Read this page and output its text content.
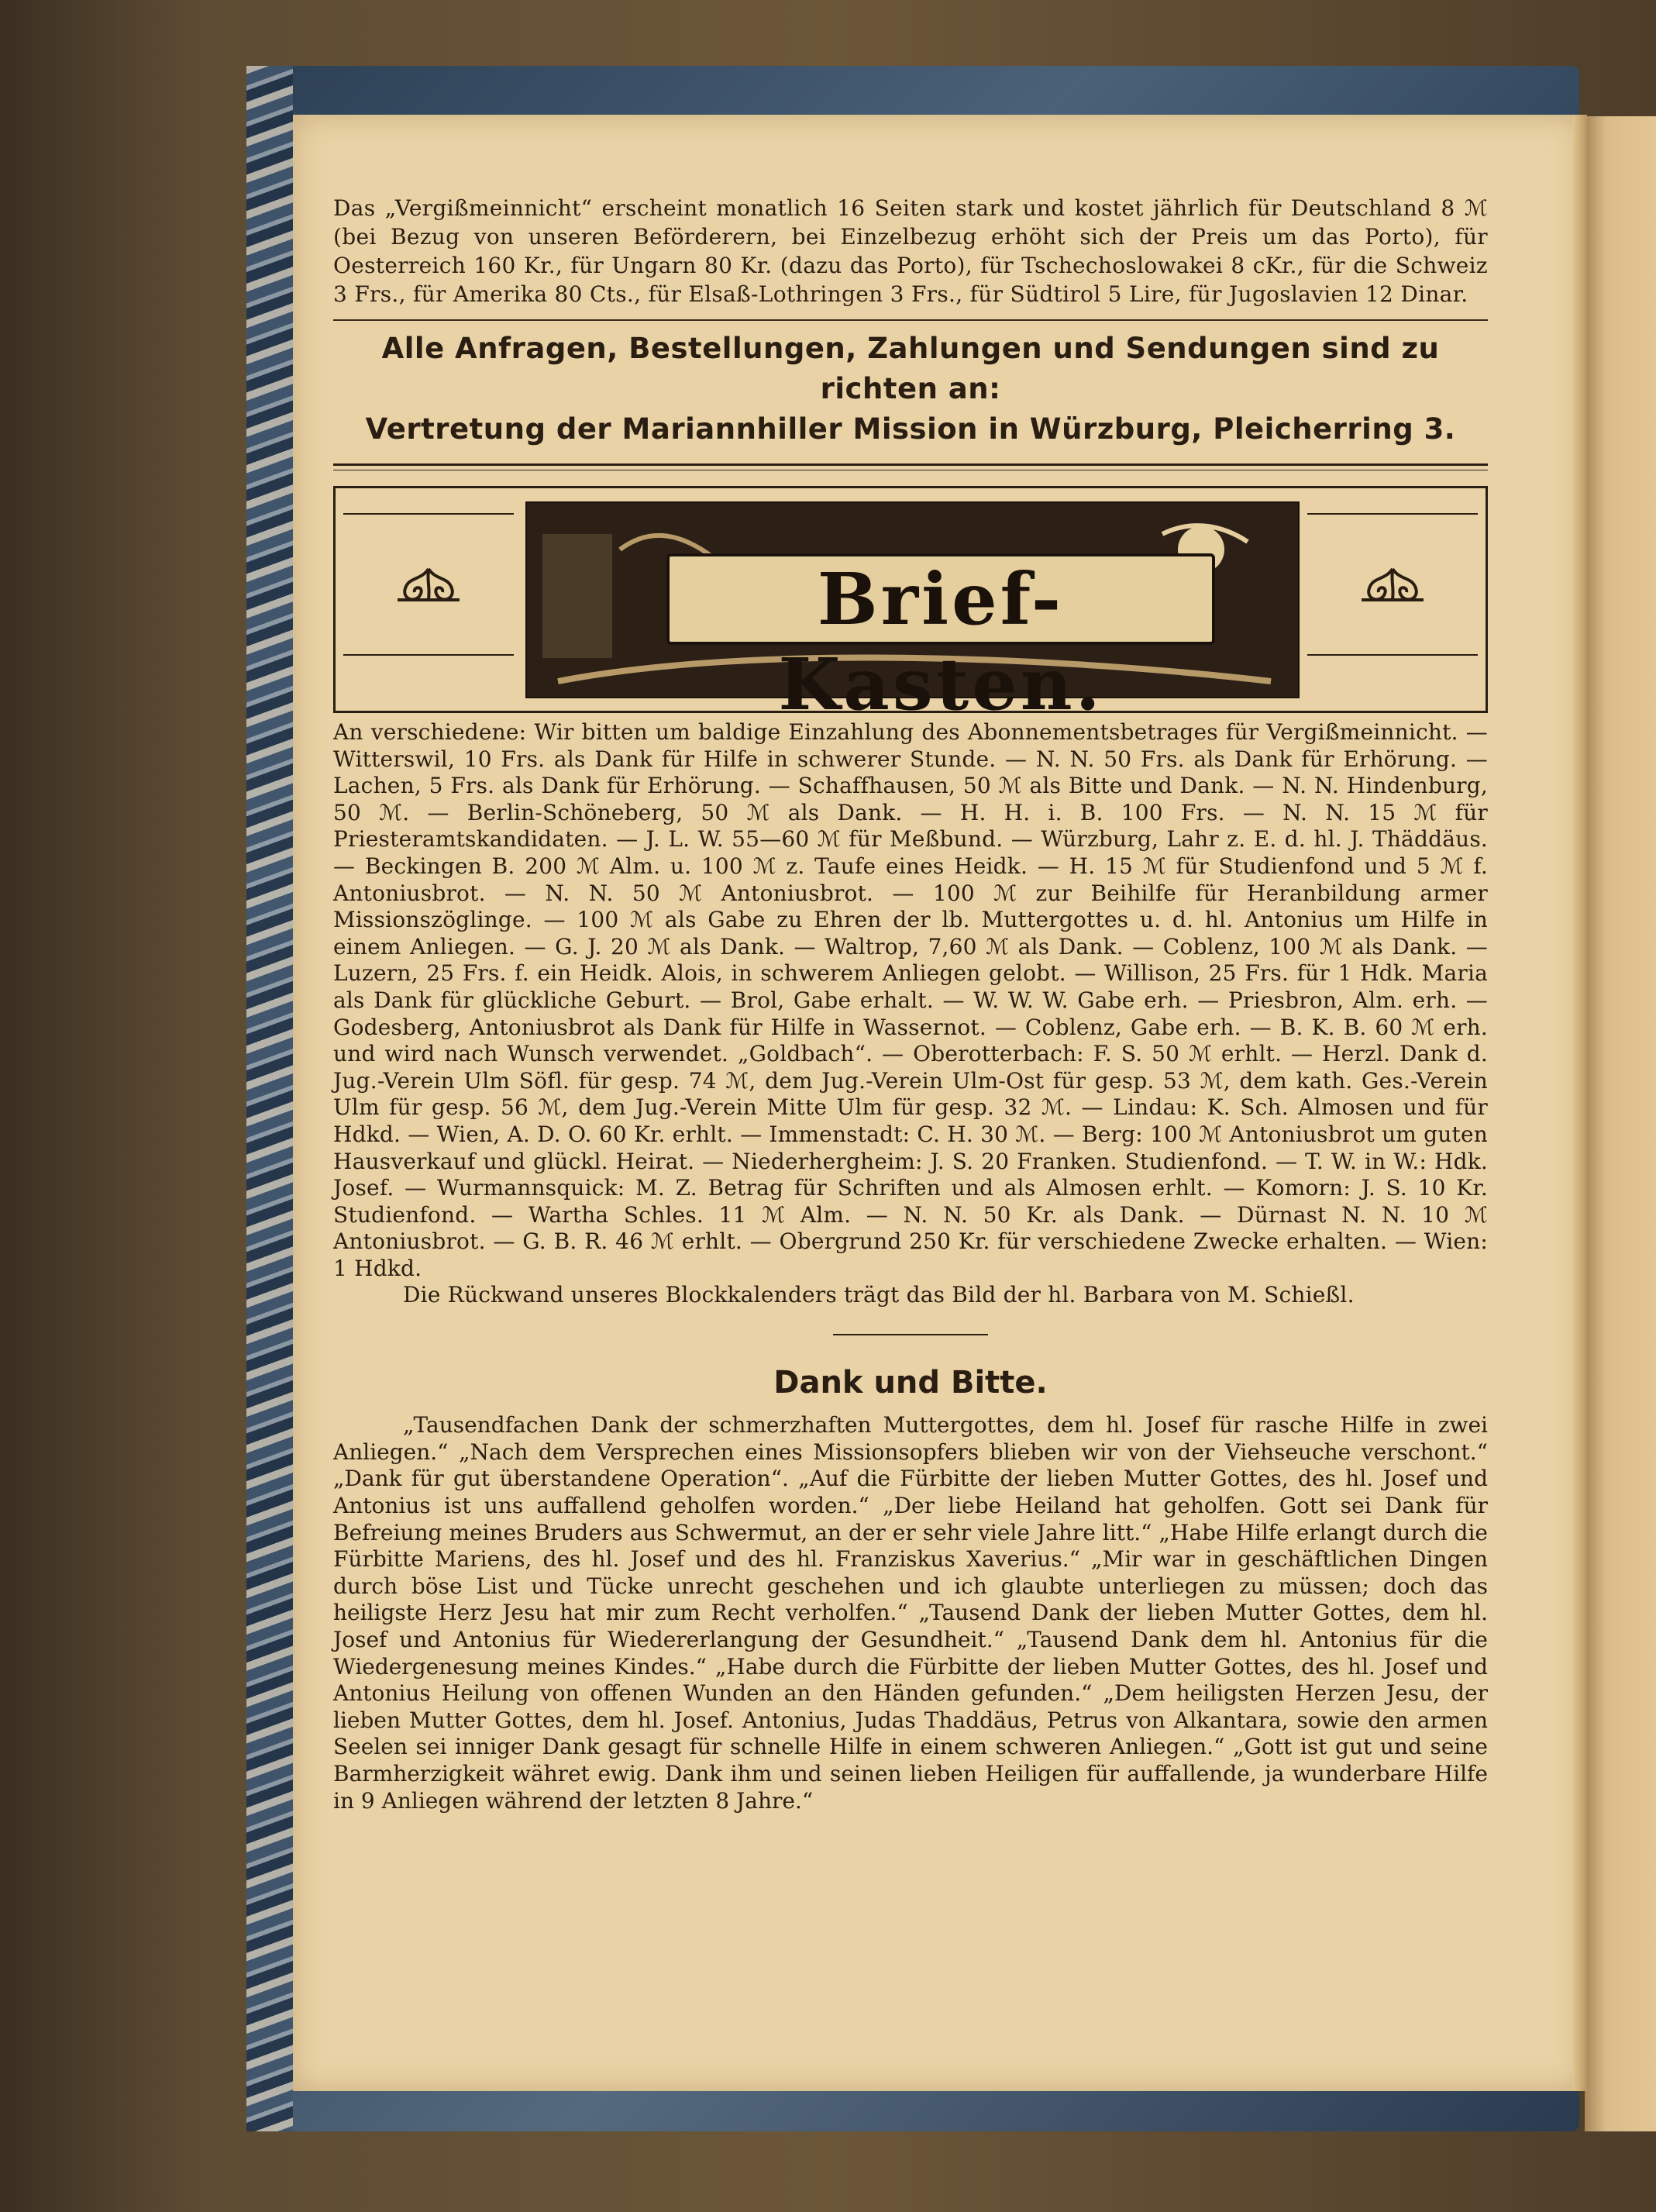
Das „Vergißmeinnicht“ erscheint monatlich 16 Seiten stark und kostet jährlich für Deutschland 8 ℳ (bei Bezug von unseren Beförderern, bei Einzelbezug erhöht sich der Preis um das Porto), für Oesterreich 160 Kr., für Ungarn 80 Kr. (dazu das Porto), für Tschechoslowakei 8 cKr., für die Schweiz 3 Frs., für Amerika 80 Cts., für Elsaß-Lothringen 3 Frs., für Südtirol 5 Lire, für Jugoslavien 12 Dinar.

Alle Anfragen, Bestellungen, Zahlungen und Sendungen sind zu richten an:

Vertretung der Mariannhiller Mission in Würzburg, Pleicherring 3.

Brief-Kasten.

An verschiedene: Wir bitten um baldige Einzahlung des Abonnementsbetrages für Vergißmeinnicht. — Witterswil, 10 Frs. als Dank für Hilfe in schwerer Stunde. — N. N. 50 Frs. als Dank für Erhörung. — Lachen, 5 Frs. als Dank für Erhörung. — Schaffhausen, 50 ℳ als Bitte und Dank. — N. N. Hindenburg, 50 ℳ. — Berlin-Schöneberg, 50 ℳ als Dank. — H. H. i. B. 100 Frs. — N. N. 15 ℳ für Priesteramtskandidaten. — J. L. W. 55—60 ℳ für Meßbund. — Würzburg, Lahr z. E. d. hl. J. Thäddäus. — Beckingen B. 200 ℳ Alm. u. 100 ℳ z. Taufe eines Heidk. — H. 15 ℳ für Studienfond und 5 ℳ f. Antoniusbrot. — N. N. 50 ℳ Antoniusbrot. — 100 ℳ zur Beihilfe für Heranbildung armer Missionszöglinge. — 100 ℳ als Gabe zu Ehren der lb. Muttergottes u. d. hl. Antonius um Hilfe in einem Anliegen. — G. J. 20 ℳ als Dank. — Waltrop, 7,60 ℳ als Dank. — Coblenz, 100 ℳ als Dank. — Luzern, 25 Frs. f. ein Heidk. Alois, in schwerem Anliegen gelobt. — Willison, 25 Frs. für 1 Hdk. Maria als Dank für glückliche Geburt. — Brol, Gabe erhalt. — W. W. W. Gabe erh. — Priesbron, Alm. erh. — Godesberg, Antoniusbrot als Dank für Hilfe in Wassernot. — Coblenz, Gabe erh. — B. K. B. 60 ℳ erh. und wird nach Wunsch verwendet. „Goldbach“. — Oberotterbach: F. S. 50 ℳ erhlt. — Herzl. Dank d. Jug.-Verein Ulm Söfl. für gesp. 74 ℳ, dem Jug.-Verein Ulm-Ost für gesp. 53 ℳ, dem kath. Ges.-Verein Ulm für gesp. 56 ℳ, dem Jug.-Verein Mitte Ulm für gesp. 32 ℳ. — Lindau: K. Sch. Almosen und für Hdkd. — Wien, A. D. O. 60 Kr. erhlt. — Immenstadt: C. H. 30 ℳ. — Berg: 100 ℳ Antoniusbrot um guten Hausverkauf und glückl. Heirat. — Niederhergheim: J. S. 20 Franken. Studienfond. — T. W. in W.: Hdk. Josef. — Wurmannsquick: M. Z. Betrag für Schriften und als Almosen erhlt. — Komorn: J. S. 10 Kr. Studienfond. — Wartha Schles. 11 ℳ Alm. — N. N. 50 Kr. als Dank. — Dürnast N. N. 10 ℳ Antoniusbrot. — G. B. R. 46 ℳ erhlt. — Obergrund 250 Kr. für verschiedene Zwecke erhalten. — Wien: 1 Hdkd.

Die Rückwand unseres Blockkalenders trägt das Bild der hl. Barbara von M. Schießl.

Dank und Bitte.

„Tausendfachen Dank der schmerzhaften Muttergottes, dem hl. Josef für rasche Hilfe in zwei Anliegen.“ „Nach dem Versprechen eines Missionsopfers blieben wir von der Viehseuche verschont.“ „Dank für gut überstandene Operation“. „Auf die Fürbitte der lieben Mutter Gottes, des hl. Josef und Antonius ist uns auffallend geholfen worden.“ „Der liebe Heiland hat geholfen. Gott sei Dank für Befreiung meines Bruders aus Schwermut, an der er sehr viele Jahre litt.“ „Habe Hilfe erlangt durch die Fürbitte Mariens, des hl. Josef und des hl. Franziskus Xaverius.“ „Mir war in geschäftlichen Dingen durch böse List und Tücke unrecht geschehen und ich glaubte unterliegen zu müssen; doch das heiligste Herz Jesu hat mir zum Recht verholfen.“ „Tausend Dank der lieben Mutter Gottes, dem hl. Josef und Antonius für Wiedererlangung der Gesundheit.“ „Tausend Dank dem hl. Antonius für die Wiedergenesung meines Kindes.“ „Habe durch die Fürbitte der lieben Mutter Gottes, des hl. Josef und Antonius Heilung von offenen Wunden an den Händen gefunden.“ „Dem heiligsten Herzen Jesu, der lieben Mutter Gottes, dem hl. Josef. Antonius, Judas Thaddäus, Petrus von Alkantara, sowie den armen Seelen sei inniger Dank gesagt für schnelle Hilfe in einem schweren Anliegen.“ „Gott ist gut und seine Barmherzigkeit währet ewig. Dank ihm und seinen lieben Heiligen für auffallende, ja wunderbare Hilfe in 9 Anliegen während der letzten 8 Jahre.“
